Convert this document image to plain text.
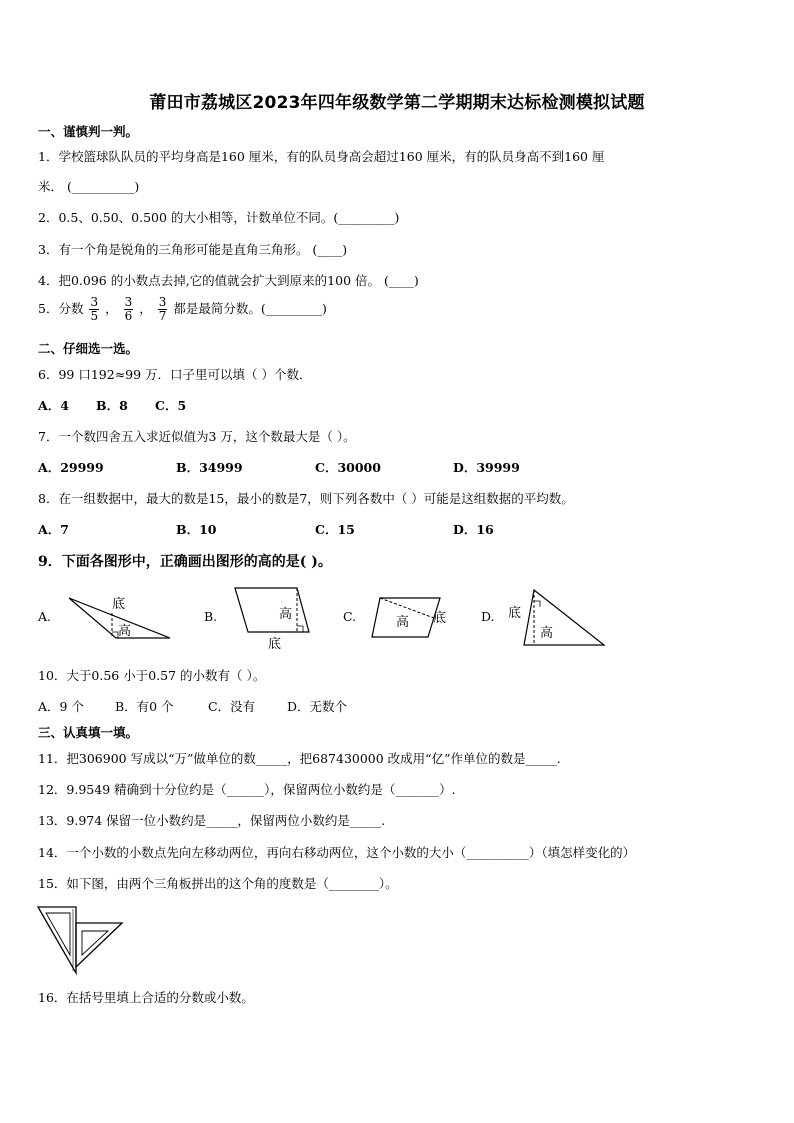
莆田市荔城区2023年四年级数学第二学期期末达标检测模拟试题
一、谨慎判一判。
1．学校篮球队队员的平均身高是160 厘米，有的队员身高会超过160 厘米，有的队员身高不到160 厘
米． (__________)
2．0.5、0.50、0.500 的大小相等，计数单位不同。(_________)
3．有一个角是锐角的三角形可能是直角三角形。 (____)
4．把0.096 的小数点去掉,它的值就会扩大到原来的100 倍。 (____)
5．分数 $\frac{3}{5}$ ， $\frac{3}{6}$ ， $\frac{3}{7}$ 都是最简分数。(_________)
二、仔细选一选。
6．99 口192≈99 万．口子里可以填（ ）个数．
A．4 B．8 C．5
7．一个数四舍五入求近似值为3 万，这个数最大是（ ）。
A．29999	B．34999	C．30000	D．39999
8．在一组数据中，最大的数是15，最小的数是7，则下列各数中（ ）可能是这组数据的平均数。
A．7	B．10	C．15	D．16
9．下面各图形中，正确画出图形的高的是( )。
A.
底
高
B.	高
底
C.	高 底	D. 底
高
10．大于0.56 小于0.57 的小数有（ ）。
A．9 个 B．有0 个	C．没有	D．无数个
三、认真填一填。
11．把306900 写成以“万”做单位的数_____，把687430000 改成用“亿”作单位的数是_____.
12．9.9549 精确到十分位约是（______），保留两位小数约是（_______）.
13．9.974 保留一位小数约是_____，保留两位小数约是_____.
14．一个小数的小数点先向左移动两位，再向右移动两位，这个小数的大小（__________）（填怎样变化的）
15．如下图，由两个三角板拼出的这个角的度数是（________）。
16．在括号里填上合适的分数或小数。
